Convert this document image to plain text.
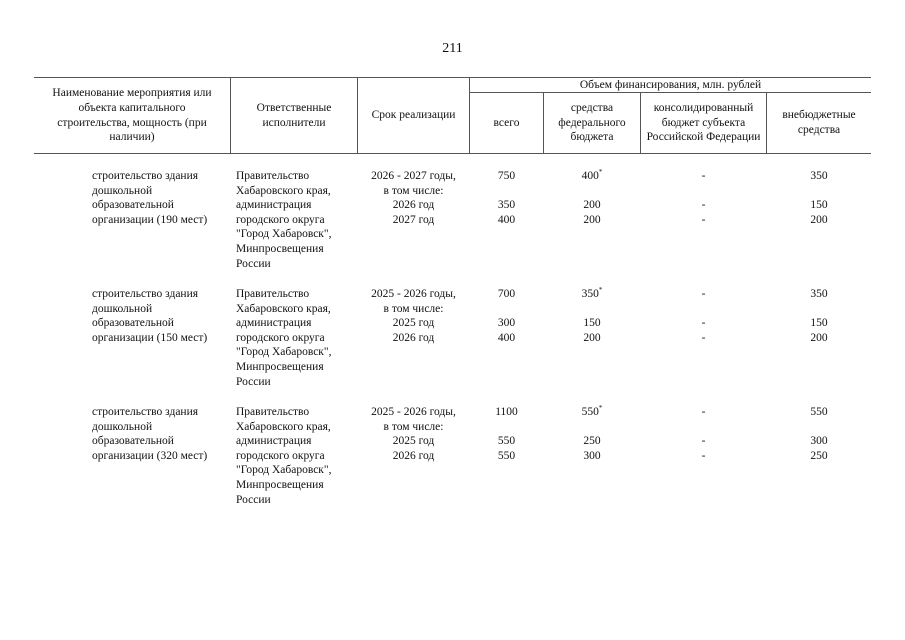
211
Наименование мероприятия или объекта капитального строительства, мощность (при наличии)
Ответственные исполнители
Срок реализации
Объем финансирования, млн. рублей
всего
средства федерального бюджета
консолидированный бюджет субъекта Российской Федерации
внебюджетные средства
строительство здания
дошкольной
образовательной
организации (190 мест)
Правительство
Хабаровского края,
администрация
городского округа
"Город Хабаровск",
Минпросвещения
России
2026 - 2027 годы,
в том числе:
2026 год
2027 год
750
350
400
400*
200
200
-
-
-
350
150
200
строительство здания
дошкольной
образовательной
организации (150 мест)
Правительство
Хабаровского края,
администрация
городского округа
"Город Хабаровск",
Минпросвещения
России
2025 - 2026 годы,
в том числе:
2025 год
2026 год
700
300
400
350*
150
200
-
-
-
350
150
200
строительство здания
дошкольной
образовательной
организации (320 мест)
Правительство
Хабаровского края,
администрация
городского округа
"Город Хабаровск",
Минпросвещения
России
2025 - 2026 годы,
в том числе:
2025 год
2026 год
1100
550
550
550*
250
300
-
-
-
550
300
250
